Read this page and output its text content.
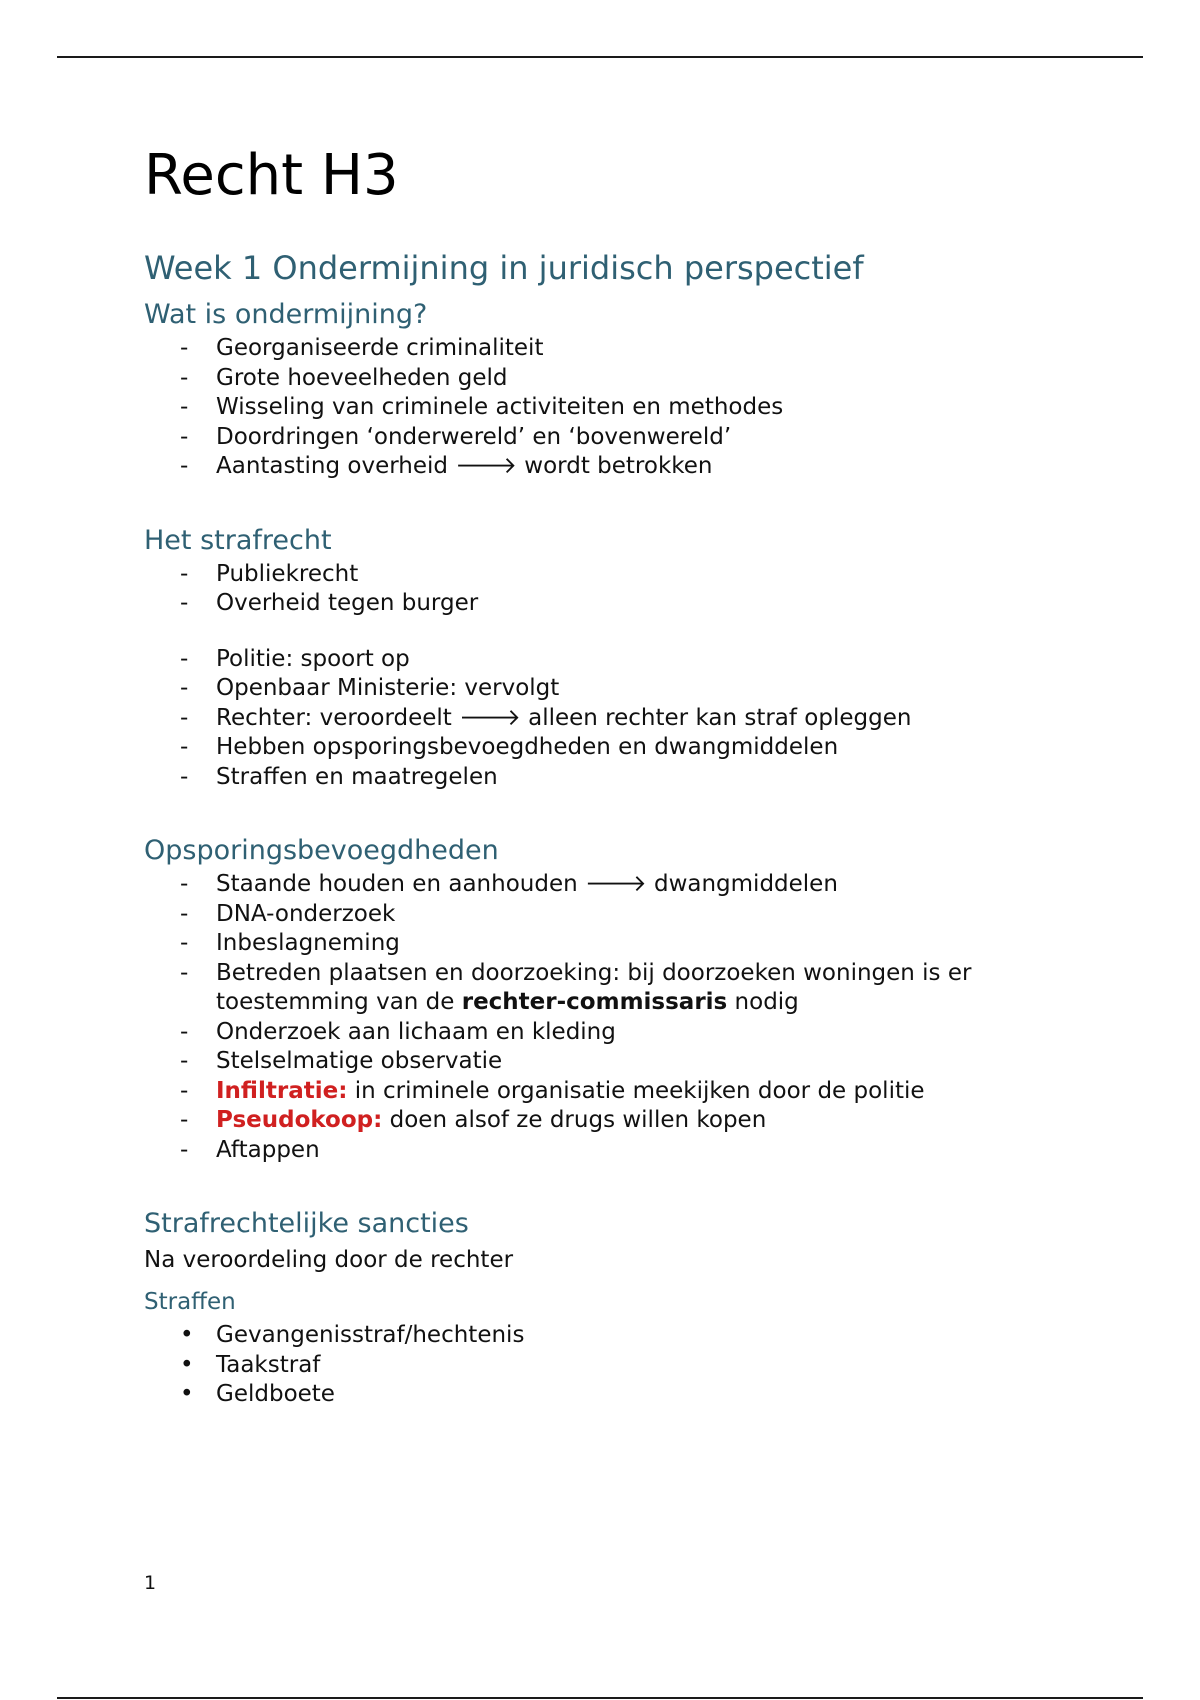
Recht H3
Week 1 Ondermijning in juridisch perspectief
Wat is ondermijning?
-	Georganiseerde criminaliteit
-	Grote hoeveelheden geld
-	Wisseling van criminele activiteiten en methodes
-	Doordringen ‘onderwereld’ en ‘bovenwereld’
-	Aantasting overheid 🡒 wordt betrokken
Het strafrecht
-	Publiekrecht
-	Overheid tegen burger
-	Politie: spoort op
-	Openbaar Ministerie: vervolgt
-	Rechter: veroordeelt 🡒 alleen rechter kan straf opleggen
-	Hebben opsporingsbevoegdheden en dwangmiddelen
-	Straffen en maatregelen
Opsporingsbevoegdheden
-	Staande houden en aanhouden 🡒 dwangmiddelen
-	DNA-onderzoek
-	Inbeslagneming
-	Betreden plaatsen en doorzoeking: bij doorzoeken woningen is er toestemming van de rechter-commissaris nodig
-	Onderzoek aan lichaam en kleding
-	Stelselmatige observatie
-	Infiltratie: in criminele organisatie meekijken door de politie
-	Pseudokoop: doen alsof ze drugs willen kopen
-	Aftappen
Strafrechtelijke sancties

Na veroordeling door de rechter

Straffen
• Gevangenisstraf/hechtenis
• Taakstraf
• Geldboete
1
